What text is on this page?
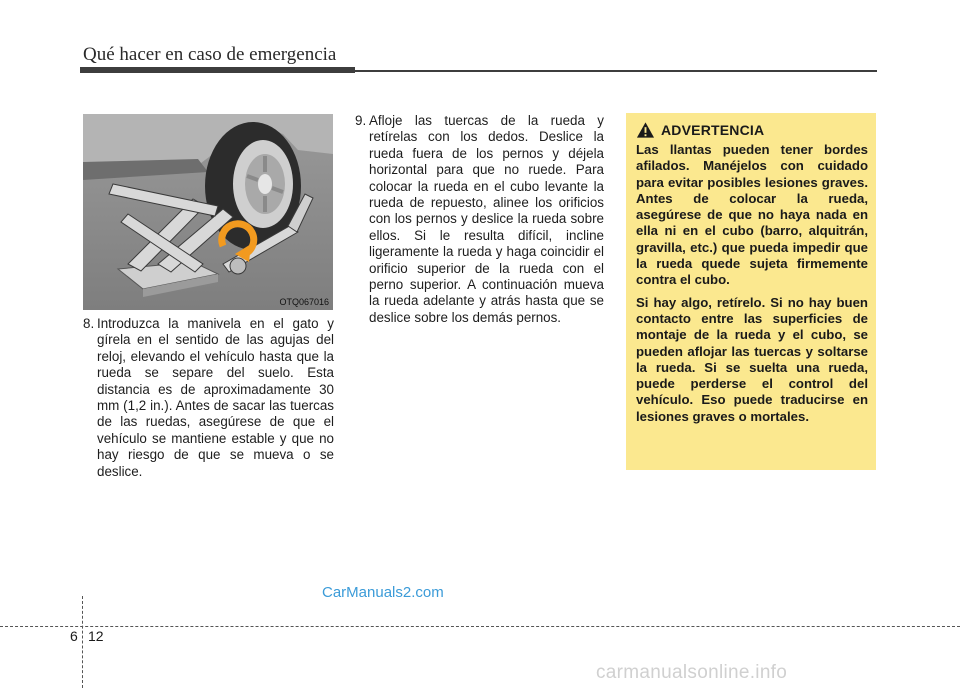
Qué hacer en caso de emergencia
OTQ067016
8. Introduzca la manivela en el gato y gírela en el sentido de las agujas del reloj, elevando el vehículo hasta que la rueda se separe del suelo. Esta distancia es de aproximadamente 30 mm (1,2 in.). Antes de sacar las tuercas de las ruedas, asegúrese de que el vehículo se mantiene estable y que no hay riesgo de que se mueva o se deslice.
9. Afloje las tuercas de la rueda y retírelas con los dedos. Deslice la rueda fuera de los pernos y déjela horizontal para que no ruede. Para colocar la rueda en el cubo levante la rueda de repuesto, alinee los orificios con los pernos y deslice la rueda sobre ellos. Si le resulta difícil, incline ligeramente la rueda y haga coincidir el orificio superior de la rueda con el perno superior. A continuación mueva la rueda adelante y atrás hasta que se deslice sobre los demás pernos.
ADVERTENCIA

Las llantas pueden tener bordes afilados. Manéjelos con cuidado para evitar posibles lesiones graves. Antes de colocar la rueda, asegúrese de que no haya nada en ella ni en el cubo (barro, alquitrán, gravilla, etc.) que pueda impedir que la rueda quede sujeta firmemente contra el cubo.

Si hay algo, retírelo. Si no hay buen contacto entre las superficies de montaje de la rueda y el cubo, se pueden aflojar las tuercas y soltarse la rueda. Si se suelta una rueda, puede perderse el control del vehículo. Eso puede traducirse en lesiones graves o mortales.

CarManuals2.com
6 12
carmanualsonline.info
